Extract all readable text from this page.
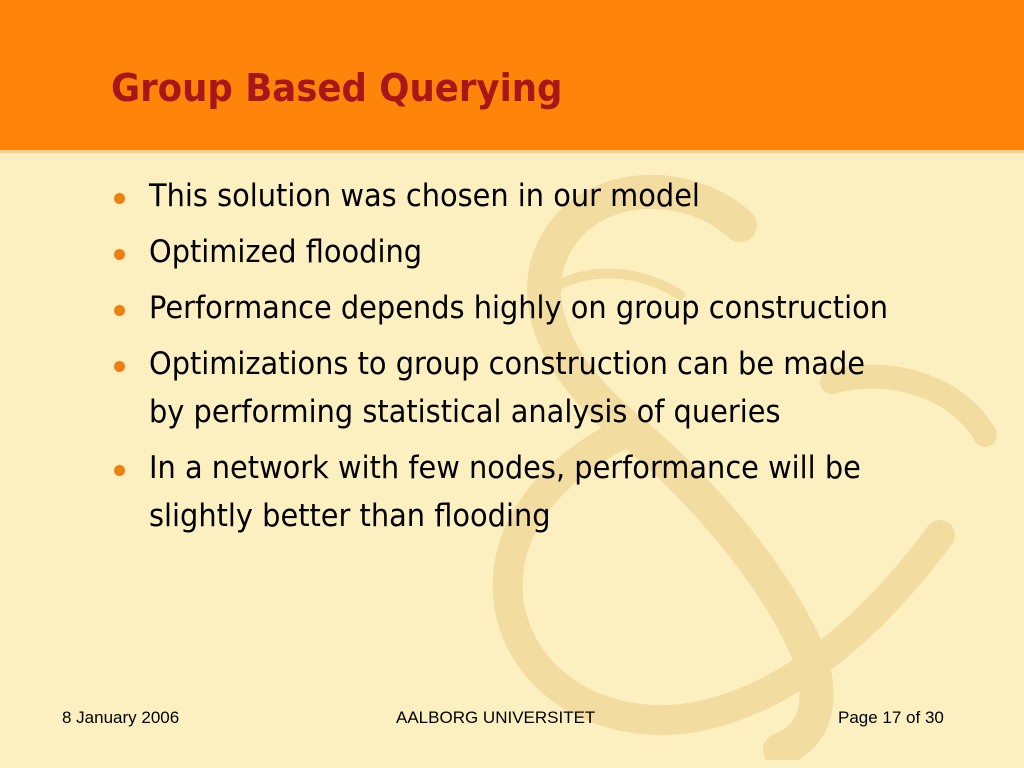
Group Based Querying
This solution was chosen in our model
Optimized flooding
Performance depends highly on group construction
Optimizations to group construction can be made by performing statistical analysis of queries
In a network with few nodes, performance will be slightly better than flooding
8 January 2006	AALBORG UNIVERSITET	Page 17 of 30
